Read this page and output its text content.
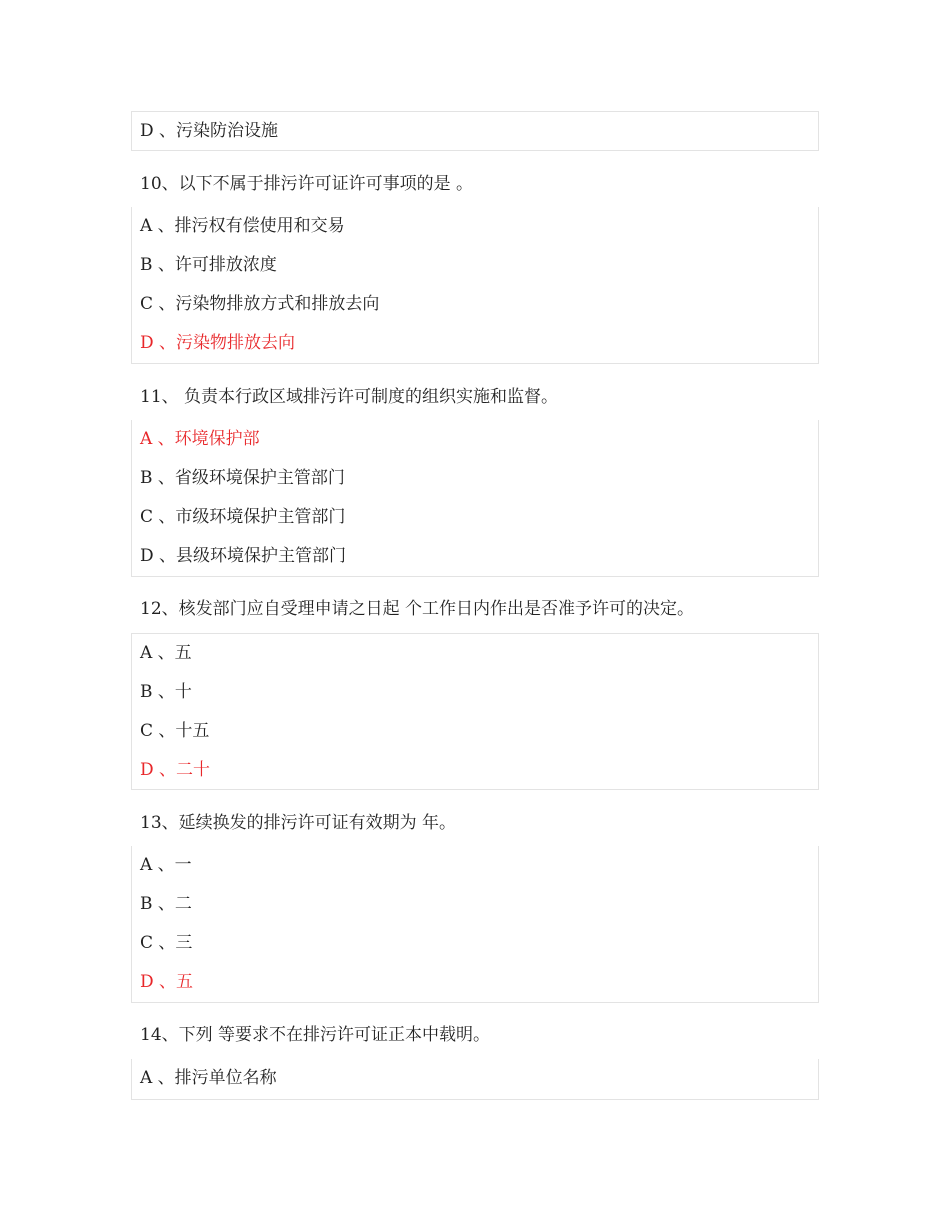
D 、污染防治设施
10、以下不属于排污许可证许可事项的是 。
A 、排污权有偿使用和交易
B 、许可排放浓度
C 、污染物排放方式和排放去向
D 、污染物排放去向
11、 负责本行政区域排污许可制度的组织实施和监督。
A 、环境保护部
B 、省级环境保护主管部门
C 、市级环境保护主管部门
D 、县级环境保护主管部门
12、核发部门应自受理申请之日起 个工作日内作出是否准予许可的决定。
A 、五
B 、十
C 、十五
D 、二十
13、延续换发的排污许可证有效期为 年。
A 、一
B 、二
C 、三
D 、五
14、下列 等要求不在排污许可证正本中载明。
A 、排污单位名称
